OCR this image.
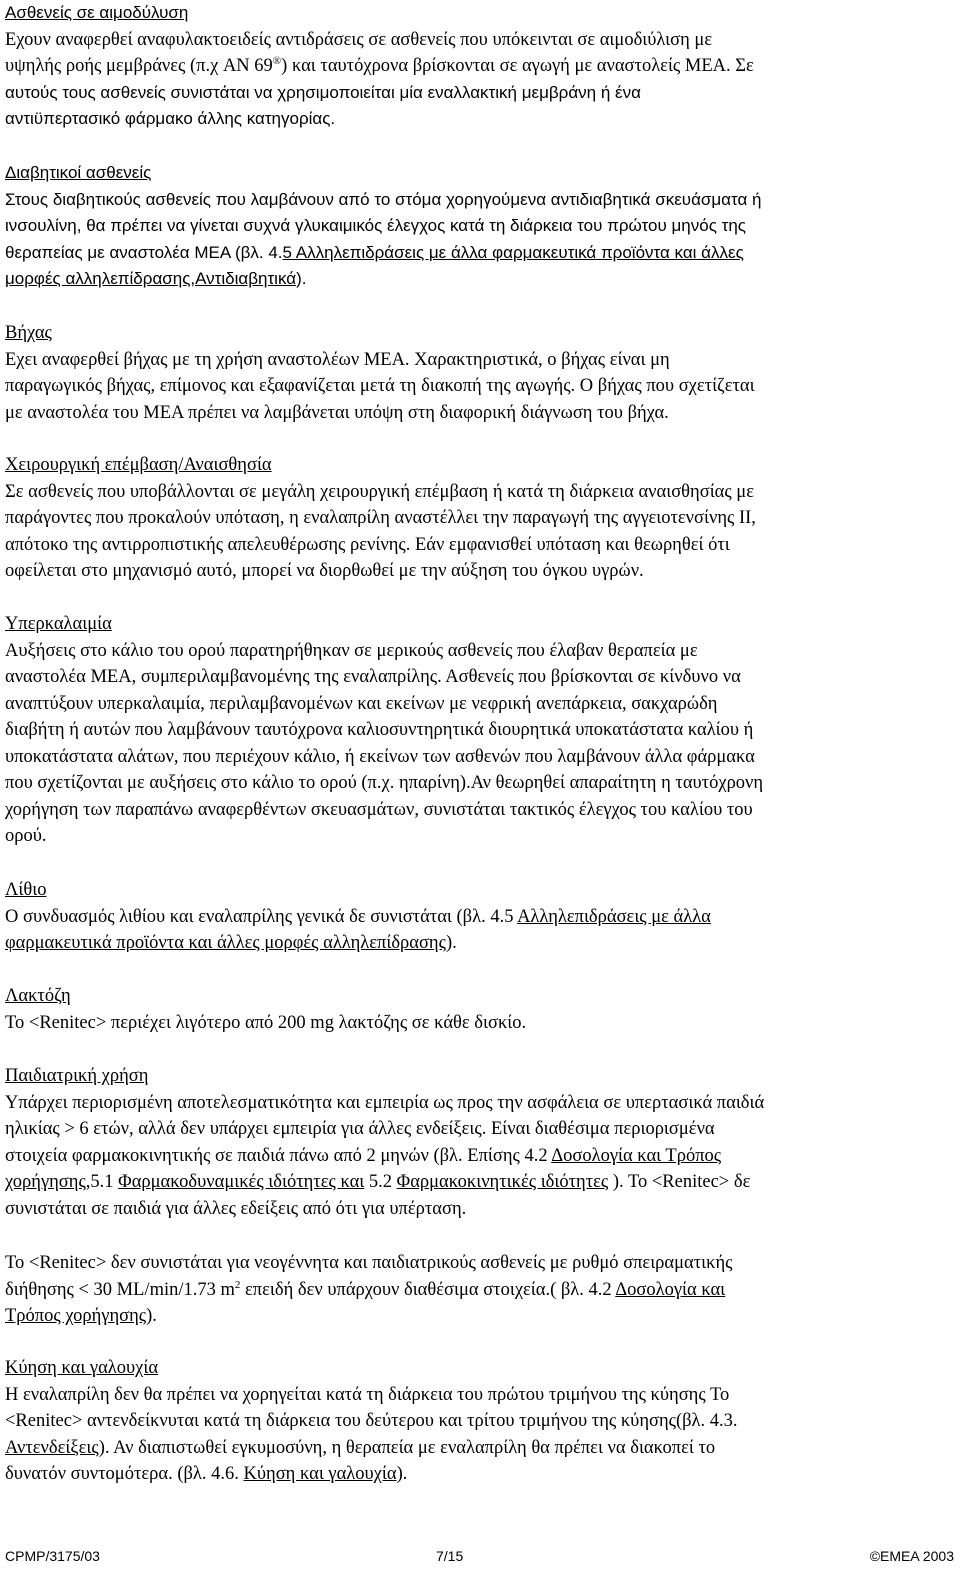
Ασθενείς σε αιμοδύλυση
Εχουν αναφερθεί αναφυλακτοειδείς αντιδράσεις σε ασθενείς που υπόκεινται σε αιμοδιύλιση με
υψηλής ροής μεμβράνες (π.χ AN 69®) και ταυτόχρονα βρίσκονται σε αγωγή με αναστολείς ΜΕΑ. Σε
αυτούς τους ασθενείς συνιστάται να χρησιμοποιείται μία εναλλακτική μεμβράνη ή ένα
αντιϋπερτασικό φάρμακο άλλης κατηγορίας.
Διαβητικοί ασθενείς
Στους διαβητικούς ασθενείς που λαμβάνουν από το στόμα χορηγούμενα αντιδιαβητικά σκευάσματα ή
ινσουλίνη, θα πρέπει να γίνεται συχνά γλυκαιμικός έλεγχος κατά τη διάρκεια του πρώτου μηνός της
θεραπείας με αναστολέα ΜΕΑ (βλ. 4.5 Αλληλεπιδράσεις με άλλα φαρμακευτικά προϊόντα και άλλες
μορφές αλληλεπίδρασης,Αντιδιαβητικά).
Βήχας
Εχει αναφερθεί βήχας με τη χρήση αναστολέων ΜΕΑ. Χαρακτηριστικά, ο βήχας είναι μη
παραγωγικός βήχας, επίμονος και εξαφανίζεται μετά τη διακοπή της αγωγής. Ο βήχας που σχετίζεται
με αναστολέα του ΜΕΑ πρέπει να λαμβάνεται υπόψη στη διαφορική διάγνωση του βήχα.
Χειρουργική επέμβαση/Αναισθησία
Σε ασθενείς που υποβάλλονται σε μεγάλη χειρουργική επέμβαση ή κατά τη διάρκεια αναισθησίας με
παράγοντες που προκαλούν υπόταση, η εναλαπρίλη αναστέλλει την παραγωγή της αγγειοτενσίνης ΙΙ,
απότοκο της αντιρροπιστικής απελευθέρωσης ρενίνης. Εάν εμφανισθεί υπόταση και θεωρηθεί ότι
οφείλεται στο μηχανισμό αυτό, μπορεί να διορθωθεί με την αύξηση του όγκου υγρών.
Υπερκαλαιμία
Αυξήσεις στο κάλιο του ορού παρατηρήθηκαν σε μερικούς ασθενείς που έλαβαν θεραπεία με
αναστολέα ΜΕΑ, συμπεριλαμβανομένης της εναλαπρίλης. Ασθενείς που βρίσκονται σε κίνδυνο να
αναπτύξουν υπερκαλαιμία, περιλαμβανομένων και εκείνων με νεφρική ανεπάρκεια, σακχαρώδη
διαβήτη ή αυτών που λαμβάνουν ταυτόχρονα καλιοσυντηρητικά διουρητικά υποκατάστατα καλίου ή
υποκατάστατα αλάτων, που περιέχουν κάλιο, ή εκείνων των ασθενών που λαμβάνουν άλλα φάρμακα
που σχετίζονται με αυξήσεις στο κάλιο το ορού (π.χ. ηπαρίνη).Αν θεωρηθεί απαραίτητη η ταυτόχρονη
χορήγηση των παραπάνω αναφερθέντων σκευασμάτων, συνιστάται τακτικός έλεγχος του καλίου του
ορού.
Λίθιο
Ο συνδυασμός λιθίου και εναλαπρίλης γενικά δε συνιστάται (βλ. 4.5 Αλληλεπιδράσεις με άλλα
φαρμακευτικά προϊόντα και άλλες μορφές αλληλεπίδρασης).
Λακτόζη
Το <Renitec> περιέχει λιγότερο από 200 mg λακτόζης σε κάθε δισκίο.
Παιδιατρική χρήση
Υπάρχει περιορισμένη αποτελεσματικότητα και εμπειρία ως προς την ασφάλεια σε υπερτασικά παιδιά
ηλικίας > 6 ετών, αλλά δεν υπάρχει εμπειρία για άλλες ενδείξεις. Είναι διαθέσιμα περιορισμένα
στοιχεία φαρμακοκινητικής σε παιδιά πάνω από 2 μηνών (βλ. Επίσης 4.2 Δοσολογία και Τρόπος
χορήγησης,5.1 Φαρμακοδυναμικές ιδιότητες και 5.2 Φαρμακοκινητικές ιδιότητες ). Το <Renitec> δε
συνιστάται σε παιδιά για άλλες εδείξεις από ότι για υπέρταση.
Το <Renitec> δεν συνιστάται για νεογέννητα και παιδιατρικούς ασθενείς με ρυθμό σπειραματικής
διήθησης < 30 ML/min/1.73 $m^2$ επειδή δεν υπάρχουν διαθέσιμα στοιχεία.( βλ. 4.2 Δοσολογία και
Τρόπος χορήγησης).
Κύηση και γαλουχία
Η εναλαπρίλη δεν θα πρέπει να χορηγείται κατά τη διάρκεια του πρώτου τριμήνου της κύησης Το
<Renitec> αντενδείκνυται κατά τη διάρκεια του δεύτερου και τρίτου τριμήνου της κύησης(βλ. 4.3.
Αντενδείξεις). Αν διαπιστωθεί εγκυμοσύνη, η θεραπεία με εναλαπρίλη θα πρέπει να διακοπεί το
δυνατόν συντομότερα. (βλ. 4.6. Κύηση και γαλουχία).
CPMP/3175/03	7/15	©EMEA 2003
